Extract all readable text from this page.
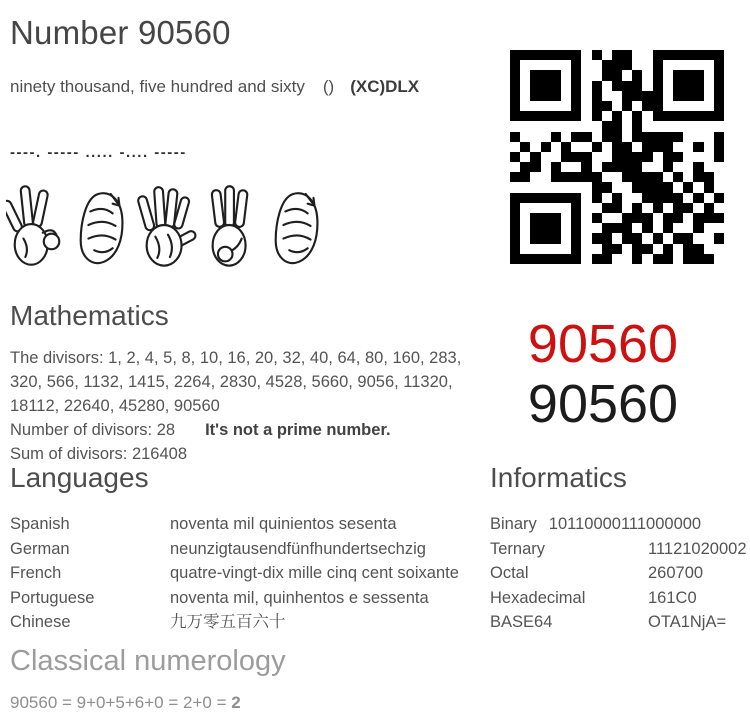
Number 90560
ninety thousand, five hundred and sixty () (XC)DLX
----. ----- ..... -.... -----
Mathematics
The divisors: 1, 2, 4, 5, 8, 10, 16, 20, 32, 40, 64, 80, 160, 283,
320, 566, 1132, 1415, 2264, 2830, 4528, 5660, 9056, 11320,
18112, 22640, 45280, 90560
Number of divisors: 28 It's not a prime number.
Sum of divisors: 216408
90560
90560
Languages
Spanish	noventa mil quinientos sesenta
German	neunzigtausendfünfhundertsechzig
French	quatre-vingt-dix mille cinq cent soixante
Portuguese	noventa mil, quinhentos e sessenta
Chinese	九万零五百六十
Informatics
Binary 10110000111000000
Ternary	11121020002
Octal	260700
Hexadecimal	161C0
BASE64	OTA1NjA=
Classical numerology
90560 = 9+0+5+6+0 = 2+0 = 2
